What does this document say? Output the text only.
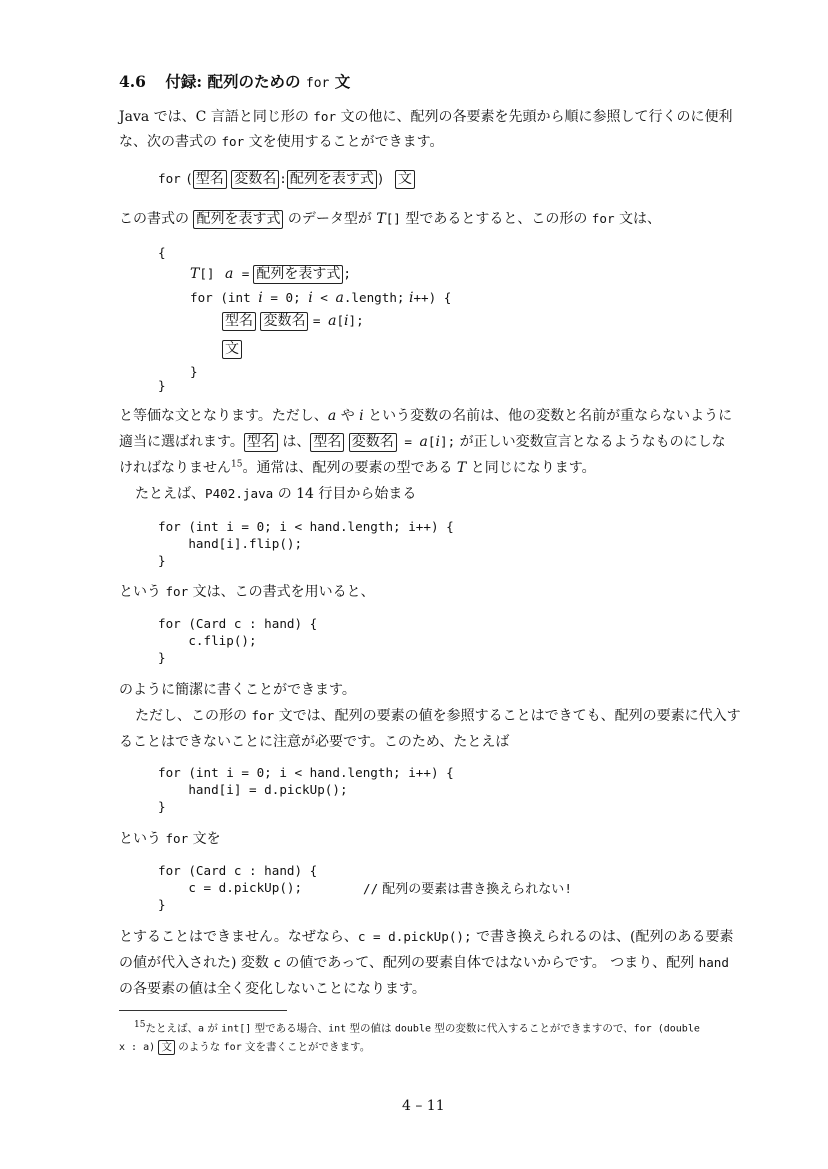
4.6 付録: 配列のための for 文
Java では、C 言語と同じ形の for 文の他に、配列の各要素を先頭から順に参照して行くのに便利
な、次の書式の for 文を使用することができます。
for ( 型名 変数名 : 配列を表す式 ) 文
この書式の 配列を表す式 のデータ型が T[] 型であるとすると、この形の for 文は、
{
T[] a = 配列を表す式 ;
for (int i = 0; i < a.length; i++) {
型名 変数名 = a[i];
文
}
}
と等価な文となります。ただし、a や i という変数の名前は、他の変数と名前が重ならないように
適当に選ばれます。 型名 は、 型名 変数名 = a[i]; が正しい変数宣言となるようなものにしな
ければなりません$^{15}$。通常は、配列の要素の型である T と同じになります。
たとえば、P402.java の 14 行目から始まる
for (int i = 0; i < hand.length; i++) {
hand[i].flip();
}
という for 文は、この書式を用いると、
for (Card c : hand) {
c.flip();
}
のように簡潔に書くことができます。
ただし、この形の for 文では、配列の要素の値を参照することはできても、配列の要素に代入す
ることはできないことに注意が必要です。このため、たとえば
for (int i = 0; i < hand.length; i++) {
hand[i] = d.pickUp();
}
という for 文を
for (Card c : hand) {
c = d.pickUp();	// 配列の要素は書き換えられない!
}
とすることはできません。なぜなら、c = d.pickUp(); で書き換えられるのは、(配列のある要素
の値が代入された) 変数 c の値であって、配列の要素自体ではないからです。 つまり、配列 hand
の各要素の値は全く変化しないことになります。
$^{15}$たとえば、a が int[] 型である場合、int 型の値は double 型の変数に代入することができますので、for (double
x : a) 文 のような for 文を書くことができます。
4 – 11
